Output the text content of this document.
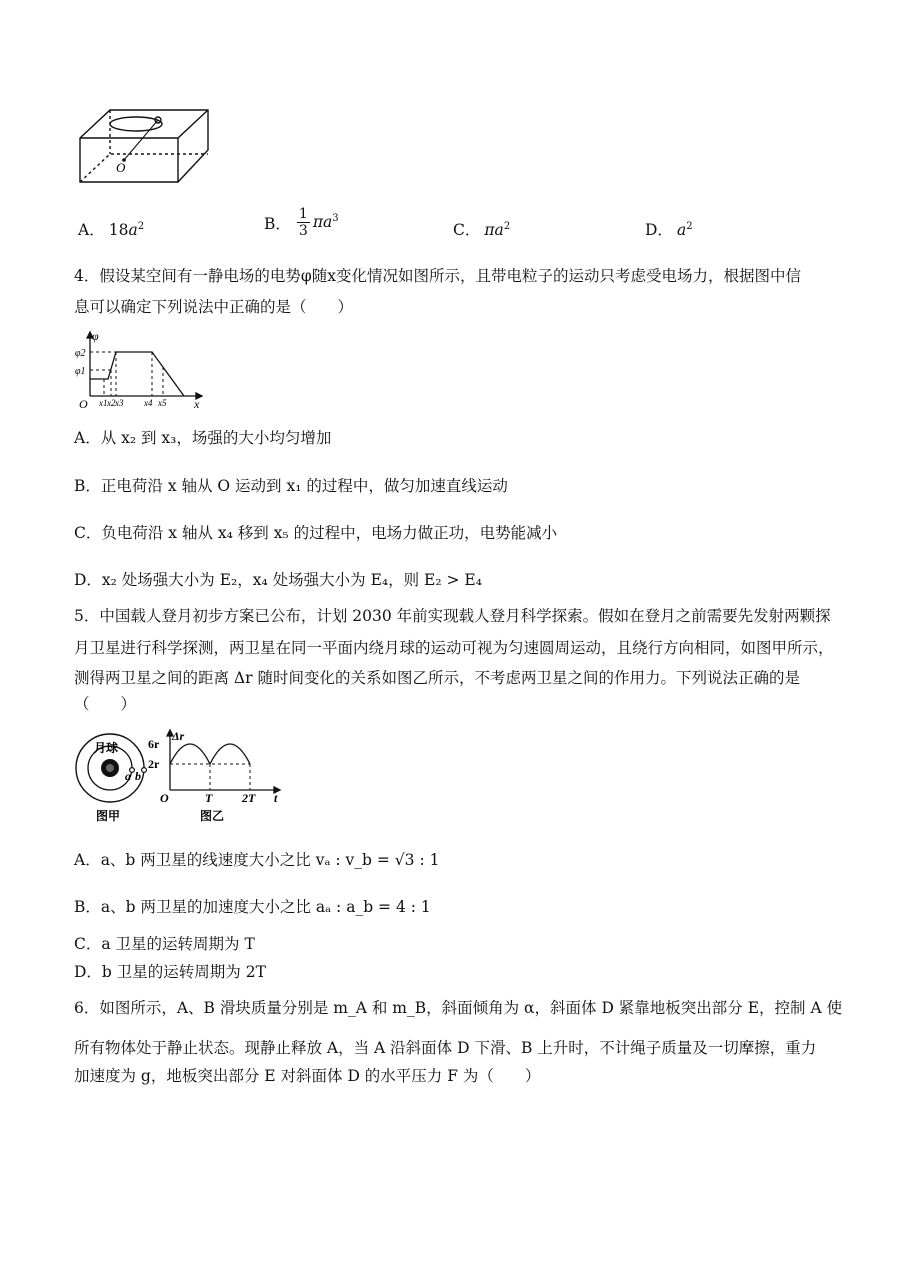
O
A． $18a^2$	B．
1
3 $\pi a^3$
C． $\pi a^2$	D． $a^2$
4．假设某空间有一静电场的电势φ随x变化情况如图所示，且带电粒子的运动只考虑受电场力，根据图中信
息可以确定下列说法中正确的是（　　）
φ
x
O
φ2
φ1
x1 x2 x3 x4 x5
A．从 x₂ 到 x₃，场强的大小均匀增加
B．正电荷沿 x 轴从 O 运动到 x₁ 的过程中，做匀加速直线运动
C．负电荷沿 x 轴从 x₄ 移到 x₅ 的过程中，电场力做正功，电势能减小
D．x₂ 处场强大小为 E₂，x₄ 处场强大小为 E₄，则 E₂ > E₄
5．中国载人登月初步方案已公布，计划 2030 年前实现载人登月科学探索。假如在登月之前需要先发射两颗探
月卫星进行科学探测，两卫星在同一平面内绕月球的运动可视为匀速圆周运动，且绕行方向相同，如图甲所示，
测得两卫星之间的距离 Δr 随时间变化的关系如图乙所示，不考虑两卫星之间的作用力。下列说法正确的是
（　　）
月球
a b
图甲
Δr
t
O
6r
2r
T 2T
图乙
A．a、b 两卫星的线速度大小之比 vₐ : v_b = √3 : 1
B．a、b 两卫星的加速度大小之比 aₐ : a_b = 4 : 1
C．a 卫星的运转周期为 T
D．b 卫星的运转周期为 2T
6．如图所示，A、B 滑块质量分别是 m_A 和 m_B，斜面倾角为 α，斜面体 D 紧靠地板突出部分 E，控制 A 使
所有物体处于静止状态。现静止释放 A，当 A 沿斜面体 D 下滑、B 上升时，不计绳子质量及一切摩擦，重力
加速度为 g，地板突出部分 E 对斜面体 D 的水平压力 F 为（　　）
